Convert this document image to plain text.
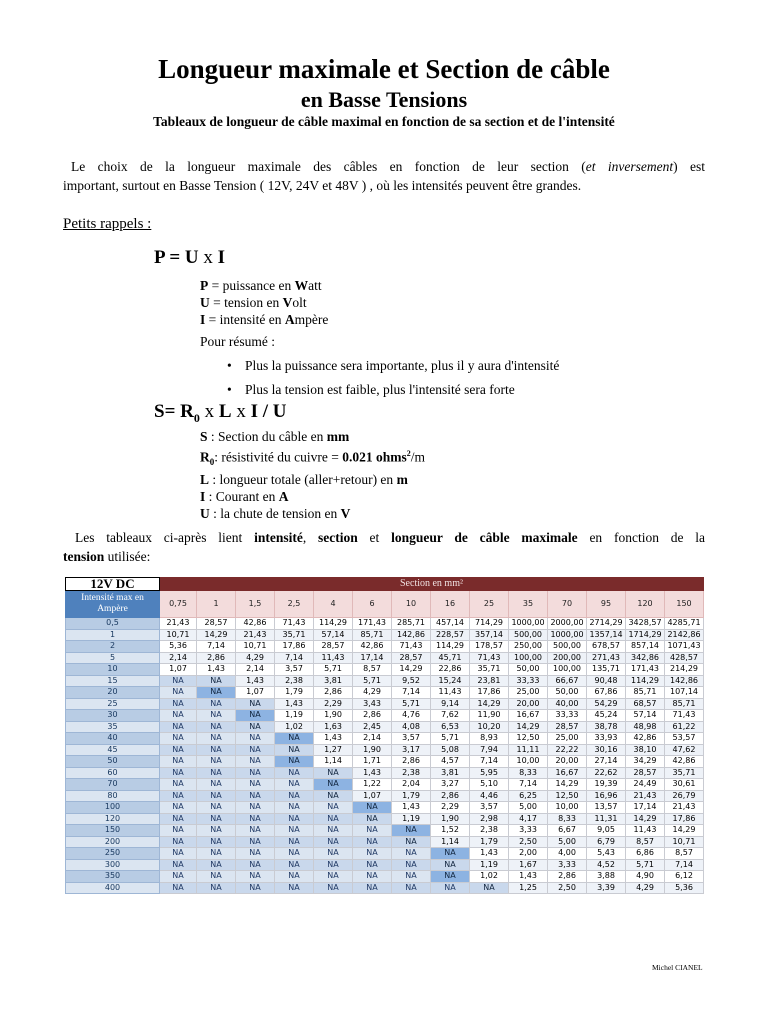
Longueur maximale et Section de câble
en Basse Tensions
Tableaux de longueur de câble maximal en fonction de sa section et de l'intensité
Le choix de la longueur maximale des câbles en fonction de leur section (et inversement) est
important, surtout en Basse Tension ( 12V, 24V et 48V ) , où les intensités peuvent être grandes.
Petits rappels :
P = U x I
P = puissance en Watt
U = tension en Volt
I = intensité en Ampère
Pour résumé :
• Plus la puissance sera importante, plus il y aura d'intensité
• Plus la tension est faible, plus l'intensité sera forte
$S= R_0$ x L x I / U
S : Section du câble en mm
$R_0$: résistivité du cuivre = 0.021 ohms$^2$/m
L : longueur totale (aller+retour) en m
I : Courant en A
U : la chute de tension en V
Les tableaux ci-après lient intensité, section et longueur de câble maximale en fonction de la
tension utilisée:
12V DC	Section en mm²													
Intensité max en Ampère	0,75	1	1,5	2,5	4	6	10	16	25	35	70	95	120	150
0,5	21,43	28,57	42,86	71,43	114,29	171,43	285,71	457,14	714,29	1000,00	2000,00	2714,29	3428,57	4285,71
1	10,71	14,29	21,43	35,71	57,14	85,71	142,86	228,57	357,14	500,00	1000,00	1357,14	1714,29	2142,86
2	5,36	7,14	10,71	17,86	28,57	42,86	71,43	114,29	178,57	250,00	500,00	678,57	857,14	1071,43
5	2,14	2,86	4,29	7,14	11,43	17,14	28,57	45,71	71,43	100,00	200,00	271,43	342,86	428,57
10	1,07	1,43	2,14	3,57	5,71	8,57	14,29	22,86	35,71	50,00	100,00	135,71	171,43	214,29
15	NA	NA	1,43	2,38	3,81	5,71	9,52	15,24	23,81	33,33	66,67	90,48	114,29	142,86
20	NA	NA	1,07	1,79	2,86	4,29	7,14	11,43	17,86	25,00	50,00	67,86	85,71	107,14
25	NA	NA	NA	1,43	2,29	3,43	5,71	9,14	14,29	20,00	40,00	54,29	68,57	85,71
30	NA	NA	NA	1,19	1,90	2,86	4,76	7,62	11,90	16,67	33,33	45,24	57,14	71,43
35	NA	NA	NA	1,02	1,63	2,45	4,08	6,53	10,20	14,29	28,57	38,78	48,98	61,22
40	NA	NA	NA	NA	1,43	2,14	3,57	5,71	8,93	12,50	25,00	33,93	42,86	53,57
45	NA	NA	NA	NA	1,27	1,90	3,17	5,08	7,94	11,11	22,22	30,16	38,10	47,62
50	NA	NA	NA	NA	1,14	1,71	2,86	4,57	7,14	10,00	20,00	27,14	34,29	42,86
60	NA	NA	NA	NA	NA	1,43	2,38	3,81	5,95	8,33	16,67	22,62	28,57	35,71
70	NA	NA	NA	NA	NA	1,22	2,04	3,27	5,10	7,14	14,29	19,39	24,49	30,61
80	NA	NA	NA	NA	NA	1,07	1,79	2,86	4,46	6,25	12,50	16,96	21,43	26,79
100	NA	NA	NA	NA	NA	NA	1,43	2,29	3,57	5,00	10,00	13,57	17,14	21,43
120	NA	NA	NA	NA	NA	NA	1,19	1,90	2,98	4,17	8,33	11,31	14,29	17,86
150	NA	NA	NA	NA	NA	NA	NA	1,52	2,38	3,33	6,67	9,05	11,43	14,29
200	NA	NA	NA	NA	NA	NA	NA	1,14	1,79	2,50	5,00	6,79	8,57	10,71
250	NA	NA	NA	NA	NA	NA	NA	NA	1,43	2,00	4,00	5,43	6,86	8,57
300	NA	NA	NA	NA	NA	NA	NA	NA	1,19	1,67	3,33	4,52	5,71	7,14
350	NA	NA	NA	NA	NA	NA	NA	NA	1,02	1,43	2,86	3,88	4,90	6,12
400	NA	NA	NA	NA	NA	NA	NA	NA	NA	1,25	2,50	3,39	4,29	5,36
Michel CIANEL
